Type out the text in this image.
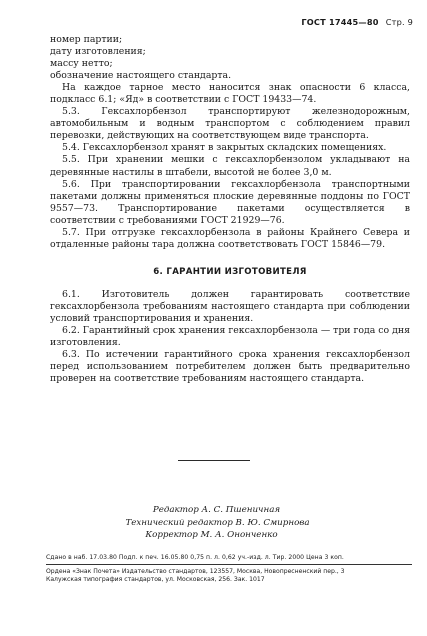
ГОСТ 17445—80 Стр. 9

номер партии;

дату изготовления;

массу нетто;

обозначение настоящего стандарта.

На каждое тарное место наносится знак опасности 6 класса, подкласс 6.1; «Яд» в соответствии с ГОСТ 19433—74.

5.3. Гексахлорбензол транспортируют железнодорожным, автомобильным и водным транспортом с соблюдением правил перевозки, действующих на соответствующем виде транспорта.

5.4. Гексахлорбензол хранят в закрытых складских помещениях.

5.5. При хранении мешки с гексахлорбензолом укладывают на деревянные настилы в штабели, высотой не более 3,0 м.

5.6. При транспортировании гексахлорбензола транспортными пакетами должны применяться плоские деревянные поддоны по ГОСТ 9557—73. Транспортирование пакетами осуществляется в соответствии с требованиями ГОСТ 21929—76.

5.7. При отгрузке гексахлорбензола в районы Крайнего Севера и отдаленные районы тара должна соответствовать ГОСТ 15846—79.

6. ГАРАНТИИ ИЗГОТОВИТЕЛЯ

6.1. Изготовитель должен гарантировать соответствие гексахлорбензола требованиям настоящего стандарта при соблюдении условий транспортирования и хранения.

6.2. Гарантийный срок хранения гексахлорбензола — три года со дня изготовления.

6.3. По истечении гарантийного срока хранения гексахлорбензол перед использованием потребителем должен быть предварительно проверен на соответствие требованиям настоящего стандарта.

Редактор А. С. Пшеничная
Технический редактор В. Ю. Смирнова
Корректор М. А. Ононченко
Сдано в наб. 17.03.80 Подп. к печ. 16.05.80 0,75 п. л. 0,62 уч.-изд. л. Тир. 2000 Цена 3 коп.
Ордена «Знак Почета» Издательство стандартов, 123557, Москва, Новопресненский пер., 3
Калужская типография стандартов, ул. Московская, 256. Зак. 1017
